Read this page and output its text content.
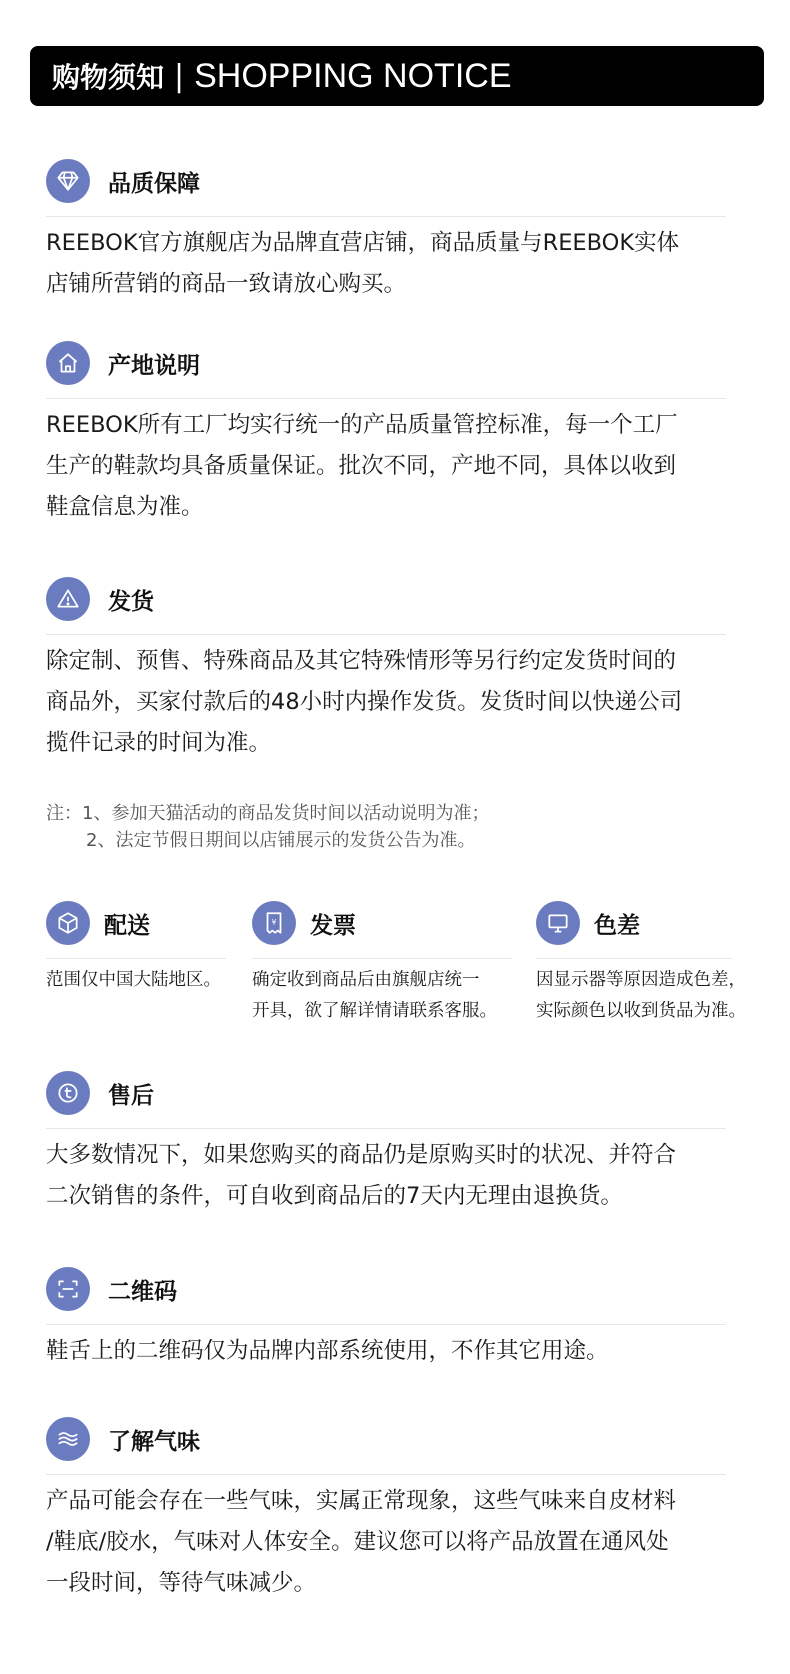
购物须知 | SHOPPING NOTICE
品质保障
REEBOK官方旗舰店为品牌直营店铺，商品质量与REEBOK实体
店铺所营销的商品一致请放心购买。
产地说明
REEBOK所有工厂均实行统一的产品质量管控标准，每一个工厂
生产的鞋款均具备质量保证。批次不同，产地不同，具体以收到
鞋盒信息为准。
发货
除定制、预售、特殊商品及其它特殊情形等另行约定发货时间的
商品外，买家付款后的48小时内操作发货。发货时间以快递公司
揽件记录的时间为准。
注：1、参加天猫活动的商品发货时间以活动说明为准；
2、法定节假日期间以店铺展示的发货公告为准。
配送
范围仅中国大陆地区。
¥ 发票
确定收到商品后由旗舰店统一
开具，欲了解详情请联系客服。
色差
因显示器等原因造成色差，
实际颜色以收到货品为准。
售后
大多数情况下，如果您购买的商品仍是原购买时的状况、并符合
二次销售的条件，可自收到商品后的7天内无理由退换货。
二维码
鞋舌上的二维码仅为品牌内部系统使用，不作其它用途。
了解气味
产品可能会存在一些气味，实属正常现象，这些气味来自皮材料
/鞋底/胶水，气味对人体安全。建议您可以将产品放置在通风处
一段时间，等待气味减少。
